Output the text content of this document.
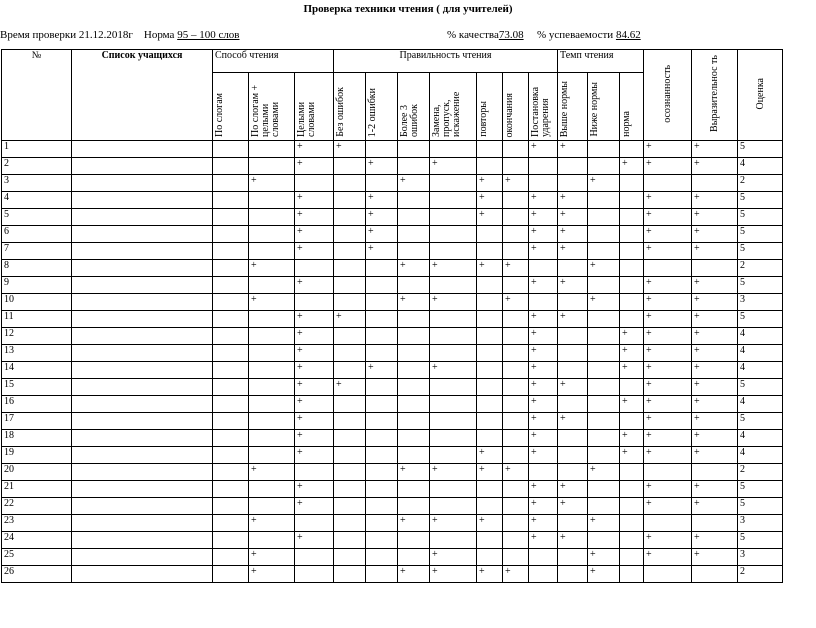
Проверка техники чтения ( для учителей)
Время проверки 21.12.2018г Норма 95 – 100 слов	% качества73.08 % успеваемости 84.62
№	Список учащихся	Способ чтения			Правильность чтения							Темп чтения			осознанность	Выразительнос ть	Оценка
		По слогам	По слогам + целыми словами	Целыми словами	Без ошибок	1-2 ошибки	Более 3 ошибок	Замена, пропуск, искажение	повторы	окончания	Постановка ударения	Выше нормы	Ниже нормы	норма			
1				+	+						+	+			+	+	5
2				+		+		+						+	+	+	4
3			+				+		+	+			+				2
4				+		+			+		+	+			+	+	5
5				+		+			+		+	+			+	+	5
6				+		+					+	+			+	+	5
7				+		+					+	+			+	+	5
8			+				+	+	+	+			+				2
9				+							+	+			+	+	5
10			+				+	+		+			+		+	+	3
11				+	+						+	+			+	+	5
12				+							+			+	+	+	4
13				+							+			+	+	+	4
14				+		+		+			+			+	+	+	4
15				+	+						+	+			+	+	5
16				+							+			+	+	+	4
17				+							+	+			+	+	5
18				+							+			+	+	+	4
19				+					+		+			+	+	+	4
20			+				+	+	+	+			+				2
21				+							+	+			+	+	5
22				+							+	+			+	+	5
23			+				+	+	+		+		+				3
24				+							+	+			+	+	5
25			+					+					+		+	+	3
26			+				+	+	+	+			+				2
